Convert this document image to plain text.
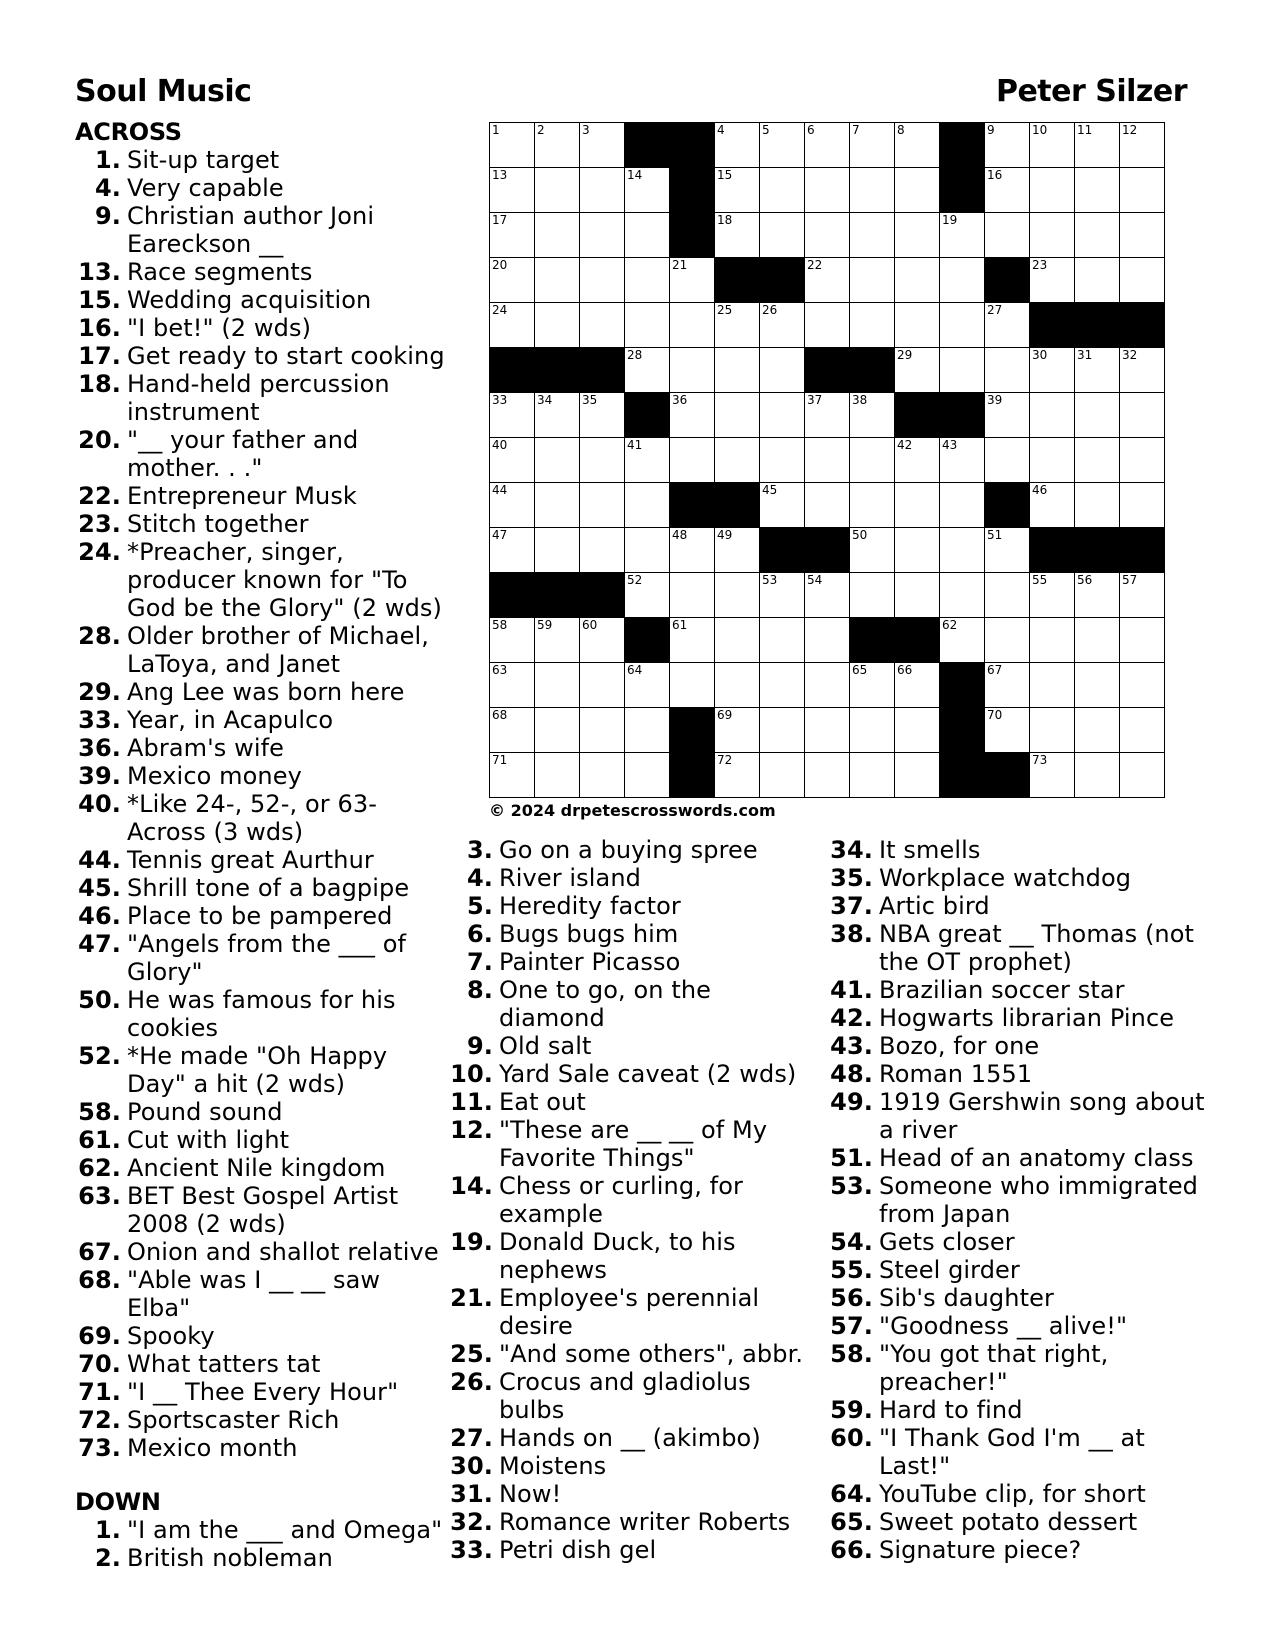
Soul Music	Peter Silzer
ACROSS
1. Sit-up target
4. Very capable
9. Christian author Joni Eareckson __
13. Race segments
15. Wedding acquisition
16. "I bet!" (2 wds)
17. Get ready to start cooking
18. Hand-held percussion instrument
20. "__ your father and mother. . ."
22. Entrepreneur Musk
23. Stitch together
24. *Preacher, singer, producer known for "To God be the Glory" (2 wds)
28. Older brother of Michael, LaToya, and Janet
29. Ang Lee was born here
33. Year, in Acapulco
36. Abram's wife
39. Mexico money
40. *Like 24-, 52-, or 63-Across (3 wds)
44. Tennis great Aurthur
45. Shrill tone of a bagpipe
46. Place to be pampered
47. "Angels from the ___ of Glory"
50. He was famous for his cookies
52. *He made "Oh Happy Day" a hit (2 wds)
58. Pound sound
61. Cut with light
62. Ancient Nile kingdom
63. BET Best Gospel Artist 2008 (2 wds)
67. Onion and shallot relative
68. "Able was I __ __ saw Elba"
69. Spooky
70. What tatters tat
71. "I __ Thee Every Hour"
72. Sportscaster Rich
73. Mexico month
DOWN
1. "I am the ___ and Omega"
2. British nobleman
1	2	3	4	5	6	7	8	9	10 11 12
13	14	15	16
17	18	19
20	21	22	23
24	25 26	27
28	29	30 31 32
33 34 35	36	37 38	39
40	41	42 43
44	45	46
47	48 49	50	51
52	53 54	55 56 57
58 59 60	61	62
63	64	65 66	67
68	69	70
71	72	73
© 2024 drpetescrosswords.com
3. Go on a buying spree
4. River island
5. Heredity factor
6. Bugs bugs him
7. Painter Picasso
8. One to go, on the diamond
9. Old salt
10. Yard Sale caveat (2 wds)
11. Eat out
12. "These are __ __ of My Favorite Things"
14. Chess or curling, for example
19. Donald Duck, to his nephews
21. Employee's perennial desire
25. "And some others", abbr.
26. Crocus and gladiolus bulbs
27. Hands on __ (akimbo)
30. Moistens
31. Now!
32. Romance writer Roberts
33. Petri dish gel
34. It smells
35. Workplace watchdog
37. Artic bird
38. NBA great __ Thomas (not the OT prophet)
41. Brazilian soccer star
42. Hogwarts librarian Pince
43. Bozo, for one
48. Roman 1551
49. 1919 Gershwin song about a river
51. Head of an anatomy class
53. Someone who immigrated from Japan
54. Gets closer
55. Steel girder
56. Sib's daughter
57. "Goodness __ alive!"
58. "You got that right, preacher!"
59. Hard to find
60. "I Thank God I'm __ at Last!"
64. YouTube clip, for short
65. Sweet potato dessert
66. Signature piece?
